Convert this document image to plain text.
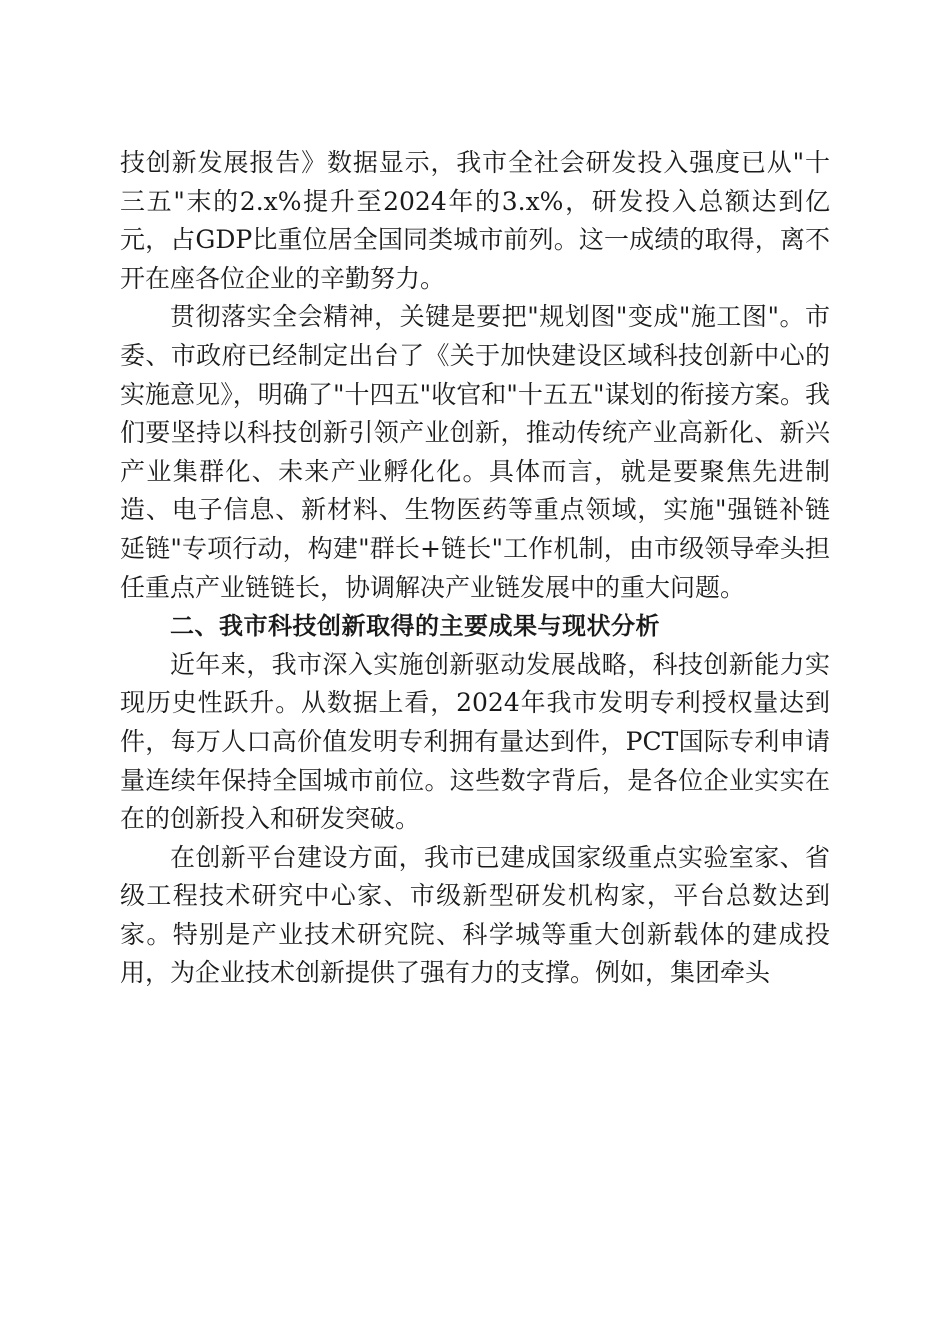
技创新发展报告》数据显示，我市全社会研发投入强度已从"十三五"末的2.x%提升至2024年的3.x%，研发投入总额达到亿元，占GDP比重位居全国同类城市前列。这一成绩的取得，离不开在座各位企业的辛勤努力。

贯彻落实全会精神，关键是要把"规划图"变成"施工图"。市委、市政府已经制定出台了《关于加快建设区域科技创新中心的实施意见》，明确了"十四五"收官和"十五五"谋划的衔接方案。我们要坚持以科技创新引领产业创新，推动传统产业高新化、新兴产业集群化、未来产业孵化化。具体而言，就是要聚焦先进制造、电子信息、新材料、生物医药等重点领域，实施"强链补链延链"专项行动，构建"群长+链长"工作机制，由市级领导牵头担任重点产业链链长，协调解决产业链发展中的重大问题。

二、我市科技创新取得的主要成果与现状分析

近年来，我市深入实施创新驱动发展战略，科技创新能力实现历史性跃升。从数据上看，2024年我市发明专利授权量达到件，每万人口高价值发明专利拥有量达到件，PCT国际专利申请量连续年保持全国城市前位。这些数字背后，是各位企业实实在在的创新投入和研发突破。

在创新平台建设方面，我市已建成国家级重点实验室家、省级工程技术研究中心家、市级新型研发机构家，平台总数达到家。特别是产业技术研究院、科学城等重大创新载体的建成投用，为企业技术创新提供了强有力的支撑。例如，集团牵头
